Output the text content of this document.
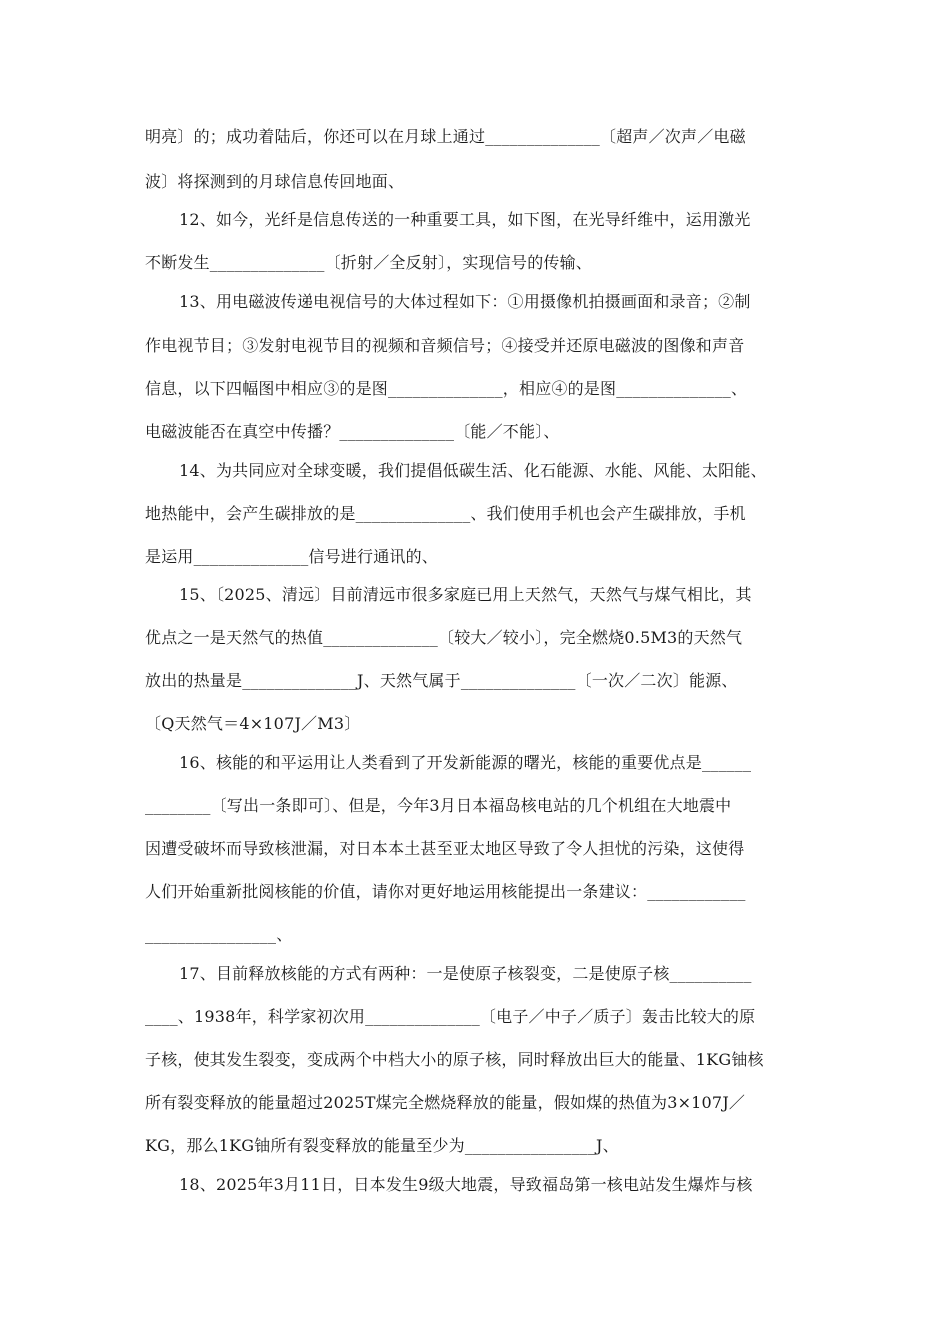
明亮〕的；成功着陆后，你还可以在月球上通过______________〔超声／次声／电磁
波〕将探测到的月球信息传回地面、
12、如今，光纤是信息传送的一种重要工具，如下图，在光导纤维中，运用激光
不断发生______________〔折射／全反射〕，实现信号的传输、
13、用电磁波传递电视信号的大体过程如下：①用摄像机拍摄画面和录音；②制
作电视节目；③发射电视节目的视频和音频信号；④接受并还原电磁波的图像和声音
信息，以下四幅图中相应③的是图______________，相应④的是图______________、
电磁波能否在真空中传播？______________〔能／不能〕、
14、为共同应对全球变暖，我们提倡低碳生活、化石能源、水能、风能、太阳能、
地热能中，会产生碳排放的是______________、我们使用手机也会产生碳排放，手机
是运用______________信号进行通讯的、
15、〔2025、清远〕目前清远市很多家庭已用上天然气，天然气与煤气相比，其
优点之一是天然气的热值______________〔较大／较小〕，完全燃烧0.5M3的天然气
放出的热量是______________J、天然气属于______________〔一次／二次〕能源、
〔Q天然气＝4×107J／M3〕
16、核能的和平运用让人类看到了开发新能源的曙光，核能的重要优点是______
________〔写出一条即可〕、但是，今年3月日本福岛核电站的几个机组在大地震中
因遭受破坏而导致核泄漏，对日本本土甚至亚太地区导致了令人担忧的污染，这使得
人们开始重新批阅核能的价值，请你对更好地运用核能提出一条建议：____________
________________、
17、目前释放核能的方式有两种：一是使原子核裂变，二是使原子核__________
____、1938年，科学家初次用______________〔电子／中子／质子〕轰击比较大的原
子核，使其发生裂变，变成两个中档大小的原子核，同时释放出巨大的能量、1KG铀核
所有裂变释放的能量超过2025T煤完全燃烧释放的能量，假如煤的热值为3×107J／
KG，那么1KG铀所有裂变释放的能量至少为________________J、
18、2025年3月11日，日本发生9级大地震，导致福岛第一核电站发生爆炸与核
